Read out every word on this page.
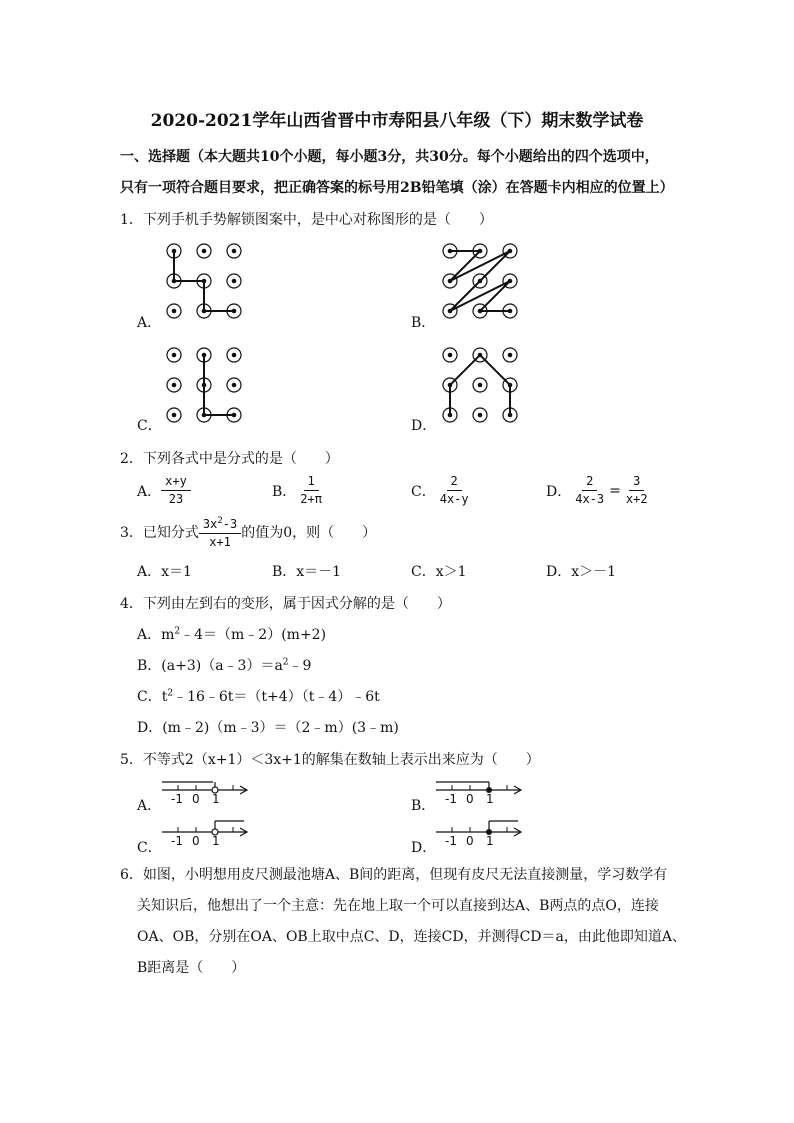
2020-2021学年山西省晋中市寿阳县八年级（下）期末数学试卷
一、选择题（本大题共10个小题，每小题3分，共30分。每个小题给出的四个选项中，
只有一项符合题目要求，把正确答案的标号用2B铅笔填（涂）在答题卡内相应的位置上）
1．下列手机手势解锁图案中，是中心对称图形的是（　　）
A．	B．
C．	D．
2．下列各式中是分式的是（　　）
A． $\frac{x+y}{23}$	B． $\frac{1}{2+\pi}$	C． $\frac{2}{4x-y}$	D． $\frac{2}{4x-3} = \frac{3}{x+2}$
3．已知分式 $\frac{3x^2-3}{x+1}$ 的值为0，则（　　）
A．x＝1	B．x＝－1	C．x＞1	D．x＞－1
4．下列由左到右的变形，属于因式分解的是（　　）
A．$m^2﹣4=(m﹣2)(m+2)$
B．$(a+3)(a﹣3)=a^2﹣9$
C．$t^2﹣16﹣6t=(t+4)(t﹣4)﹣6t$
D．(m﹣2)（m﹣3）＝（2﹣m）(3﹣m)
5．不等式2（x+1）＜3x+1的解集在数轴上表示出来应为（　　）
A． -1 0 1	B． -1 0 1
C． -1 0 1	D． -1 0 1
6．如图，小明想用皮尺测最池塘A、B间的距离，但现有皮尺无法直接测量，学习数学有
关知识后，他想出了一个主意：先在地上取一个可以直接到达A、B两点的点O，连接
OA、OB，分别在OA、OB上取中点C、D，连接CD，并测得CD＝a，由此他即知道A、
B距离是（　　）
